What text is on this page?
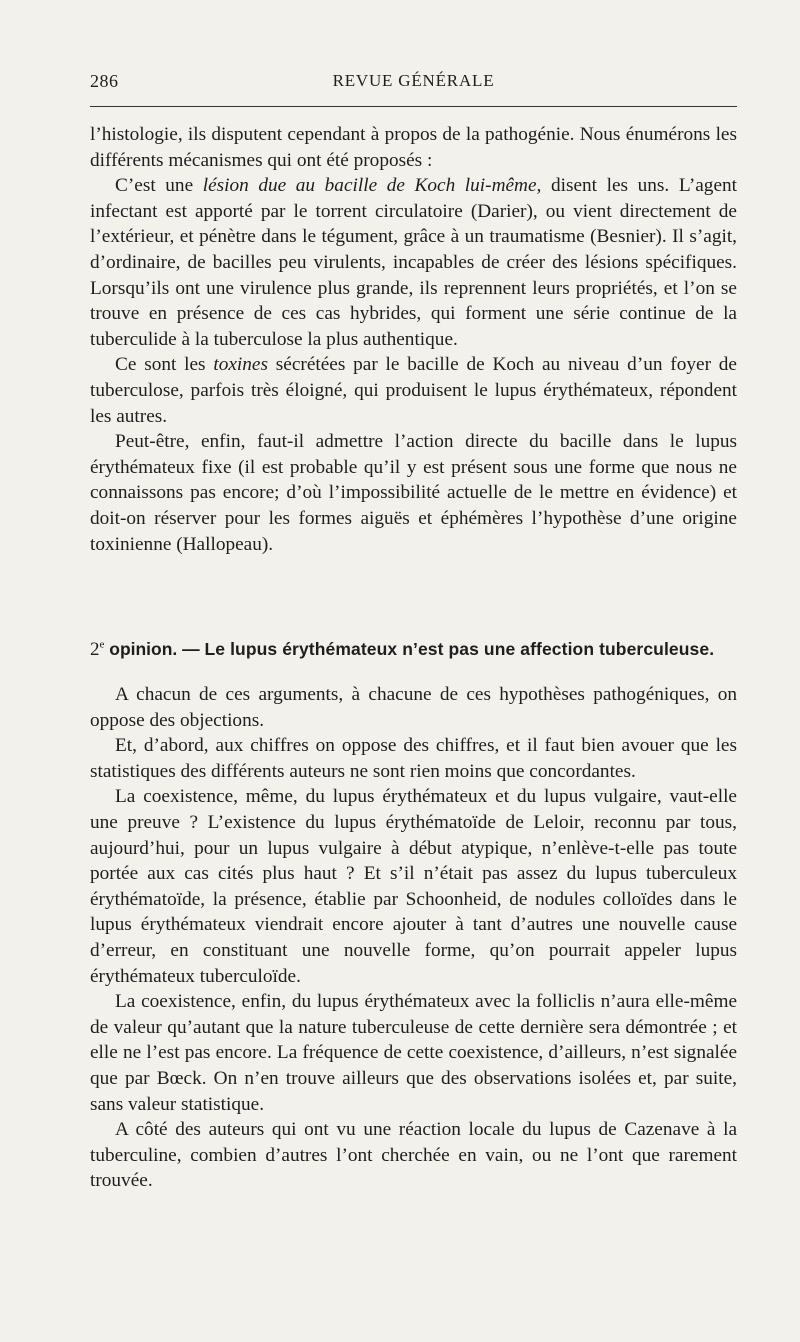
286	REVUE GÉNÉRALE

l’histologie, ils disputent cependant à propos de la pathogénie. Nous énumérons les différents mécanismes qui ont été proposés :

C’est une lésion due au bacille de Koch lui-même, disent les uns. L’agent infectant est apporté par le torrent circulatoire (Darier), ou vient directement de l’extérieur, et pénètre dans le tégument, grâce à un traumatisme (Besnier). Il s’agit, d’ordinaire, de bacilles peu virulents, incapables de créer des lésions spécifiques. Lorsqu’ils ont une virulence plus grande, ils reprennent leurs propriétés, et l’on se trouve en présence de ces cas hybrides, qui forment une série continue de la tuberculide à la tuberculose la plus authentique.

Ce sont les toxines sécrétées par le bacille de Koch au niveau d’un foyer de tuberculose, parfois très éloigné, qui produisent le lupus érythémateux, répondent les autres.

Peut-être, enfin, faut-il admettre l’action directe du bacille dans le lupus érythémateux fixe (il est probable qu’il y est présent sous une forme que nous ne connaissons pas encore; d’où l’impossibilité actuelle de le mettre en évidence) et doit-on réserver pour les formes aiguës et éphémères l’hypothèse d’une origine toxinienne (Hallopeau).

2e opinion. — Le lupus érythémateux n’est pas une affection tuberculeuse.

A chacun de ces arguments, à chacune de ces hypothèses pathogéniques, on oppose des objections.

Et, d’abord, aux chiffres on oppose des chiffres, et il faut bien avouer que les statistiques des différents auteurs ne sont rien moins que concordantes.

La coexistence, même, du lupus érythémateux et du lupus vulgaire, vaut-elle une preuve ? L’existence du lupus érythématoïde de Leloir, reconnu par tous, aujourd’hui, pour un lupus vulgaire à début atypique, n’enlève-t-elle pas toute portée aux cas cités plus haut ? Et s’il n’était pas assez du lupus tuberculeux érythématoïde, la présence, établie par Schoonheid, de nodules colloïdes dans le lupus érythémateux viendrait encore ajouter à tant d’autres une nouvelle cause d’erreur, en constituant une nouvelle forme, qu’on pourrait appeler lupus érythémateux tuberculoïde.

La coexistence, enfin, du lupus érythémateux avec la folliclis n’aura elle-même de valeur qu’autant que la nature tuberculeuse de cette dernière sera démontrée ; et elle ne l’est pas encore. La fréquence de cette coexistence, d’ailleurs, n’est signalée que par Bœck. On n’en trouve ailleurs que des observations isolées et, par suite, sans valeur statistique.

A côté des auteurs qui ont vu une réaction locale du lupus de Cazenave à la tuberculine, combien d’autres l’ont cherchée en vain, ou ne l’ont que rarement trouvée.
